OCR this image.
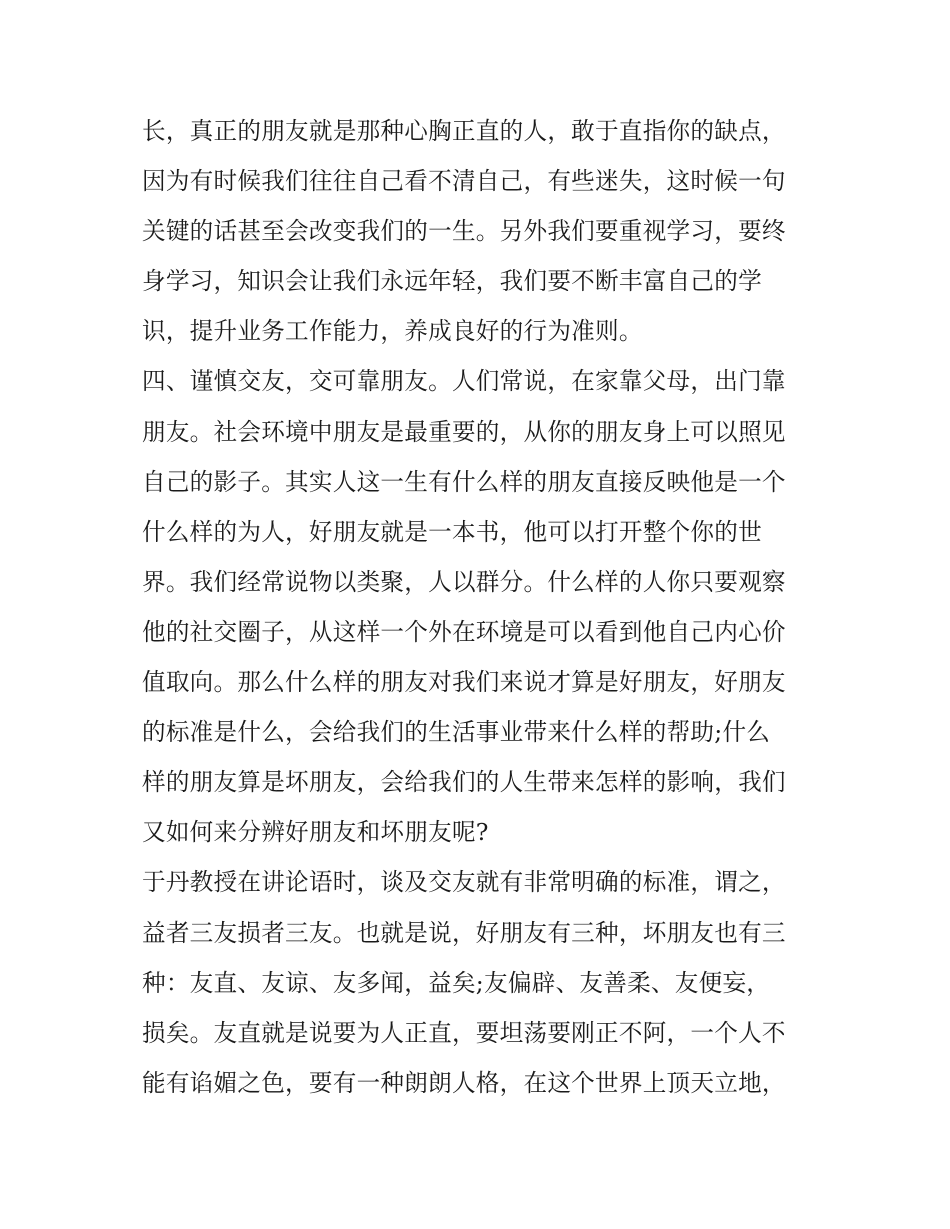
长，真正的朋友就是那种心胸正直的人，敢于直指你的缺点，
因为有时候我们往往自己看不清自己，有些迷失，这时候一句
关键的话甚至会改变我们的一生。另外我们要重视学习，要终
身学习，知识会让我们永远年轻，我们要不断丰富自己的学
识，提升业务工作能力，养成良好的行为准则。
四、谨慎交友，交可靠朋友。人们常说，在家靠父母，出门靠
朋友。社会环境中朋友是最重要的，从你的朋友身上可以照见
自己的影子。其实人这一生有什么样的朋友直接反映他是一个
什么样的为人，好朋友就是一本书，他可以打开整个你的世
界。我们经常说物以类聚，人以群分。什么样的人你只要观察
他的社交圈子，从这样一个外在环境是可以看到他自己内心价
值取向。那么什么样的朋友对我们来说才算是好朋友，好朋友
的标准是什么，会给我们的生活事业带来什么样的帮助;什么
样的朋友算是坏朋友，会给我们的人生带来怎样的影响，我们
又如何来分辨好朋友和坏朋友呢?
于丹教授在讲论语时，谈及交友就有非常明确的标准，谓之，
益者三友损者三友。也就是说，好朋友有三种，坏朋友也有三
种：友直、友谅、友多闻，益矣;友偏辟、友善柔、友便妄，
损矣。友直就是说要为人正直，要坦荡要刚正不阿，一个人不
能有谄媚之色，要有一种朗朗人格，在这个世界上顶天立地，
